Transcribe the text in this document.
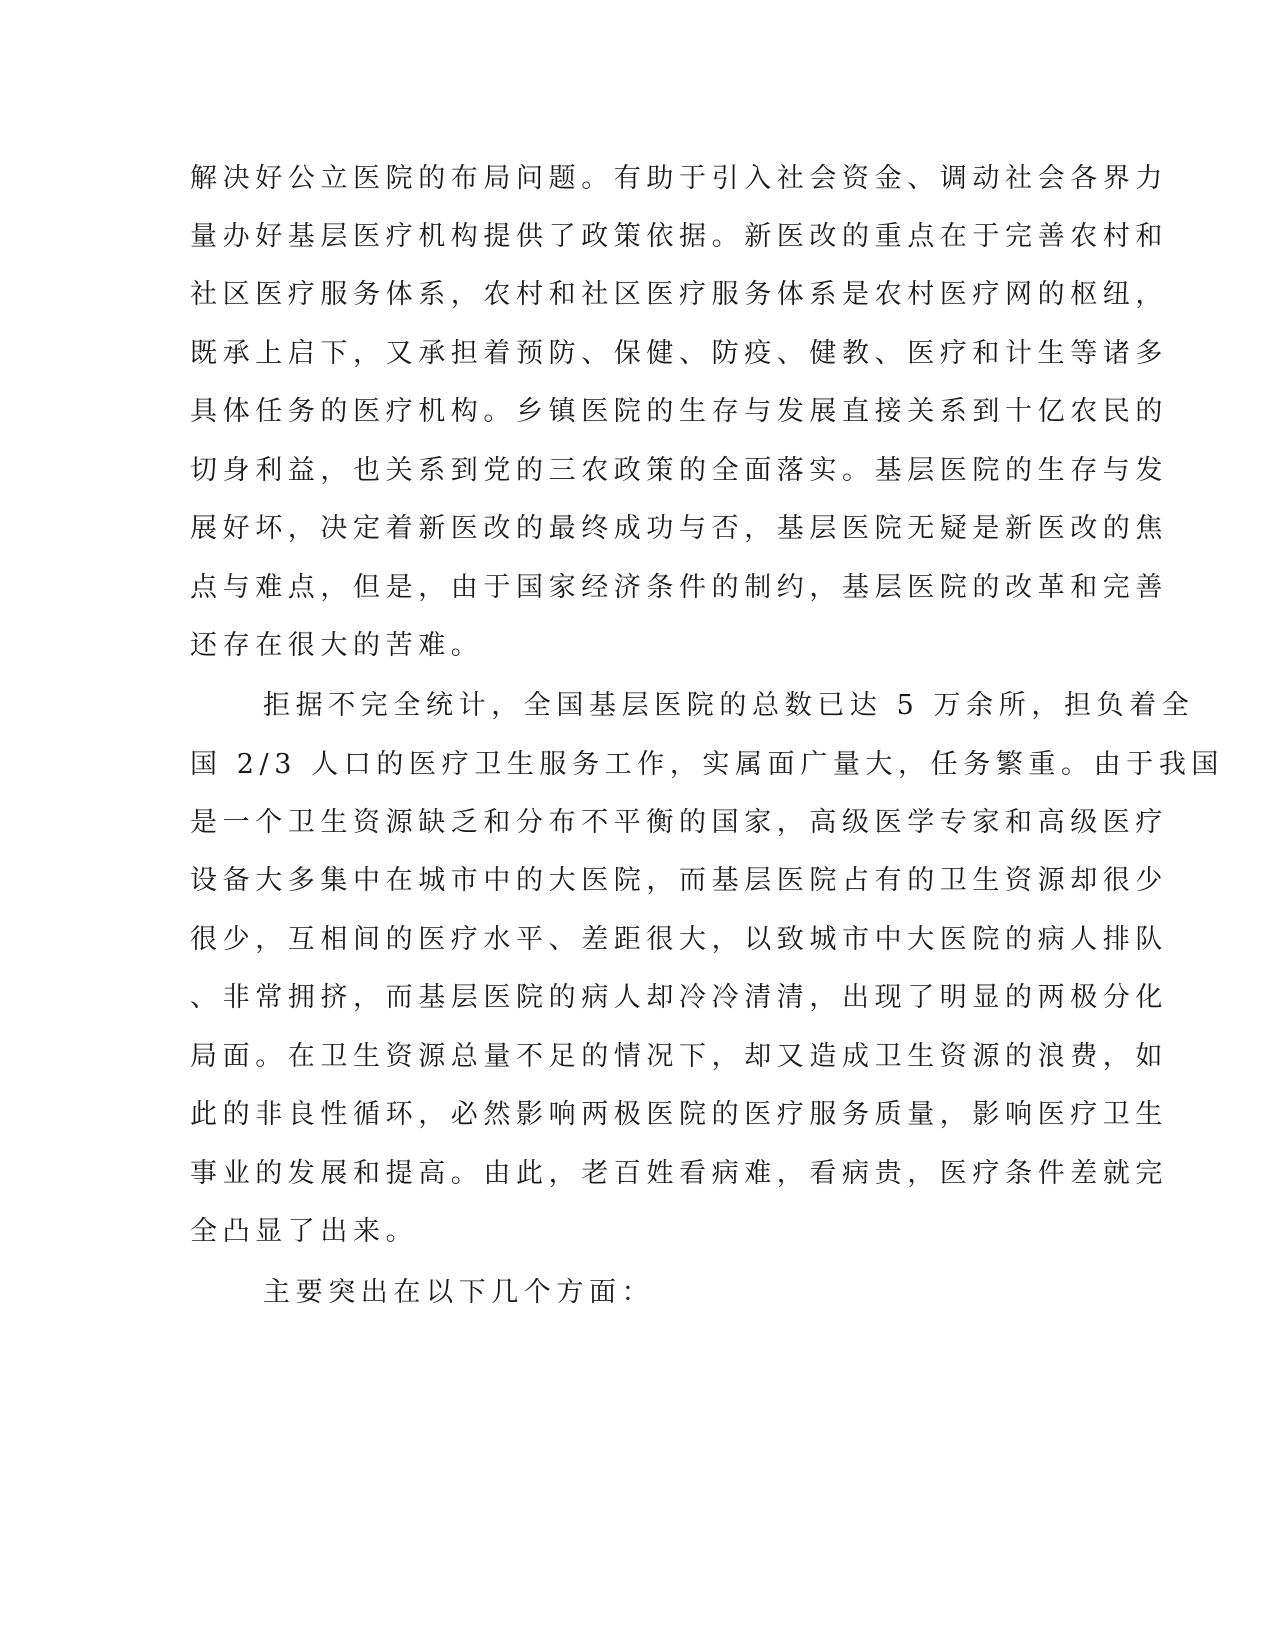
解决好公立医院的布局问题。有助于引入社会资金、调动社会各界力
量办好基层医疗机构提供了政策依据。新医改的重点在于完善农村和
社区医疗服务体系，农村和社区医疗服务体系是农村医疗网的枢纽，
既承上启下，又承担着预防、保健、防疫、健教、医疗和计生等诸多
具体任务的医疗机构。乡镇医院的生存与发展直接关系到十亿农民的
切身利益，也关系到党的三农政策的全面落实。基层医院的生存与发
展好坏，决定着新医改的最终成功与否，基层医院无疑是新医改的焦
点与难点，但是，由于国家经济条件的制约，基层医院的改革和完善
还存在很大的苦难。
拒据不完全统计，全国基层医院的总数已达 5 万余所，担负着全
国 2/3 人口的医疗卫生服务工作，实属面广量大，任务繁重。由于我国
是一个卫生资源缺乏和分布不平衡的国家，高级医学专家和高级医疗
设备大多集中在城市中的大医院，而基层医院占有的卫生资源却很少
很少，互相间的医疗水平、差距很大，以致城市中大医院的病人排队
、非常拥挤，而基层医院的病人却冷冷清清，出现了明显的两极分化
局面。在卫生资源总量不足的情况下，却又造成卫生资源的浪费，如
此的非良性循环，必然影响两极医院的医疗服务质量，影响医疗卫生
事业的发展和提高。由此，老百姓看病难，看病贵，医疗条件差就完
全凸显了出来。
主要突出在以下几个方面：
